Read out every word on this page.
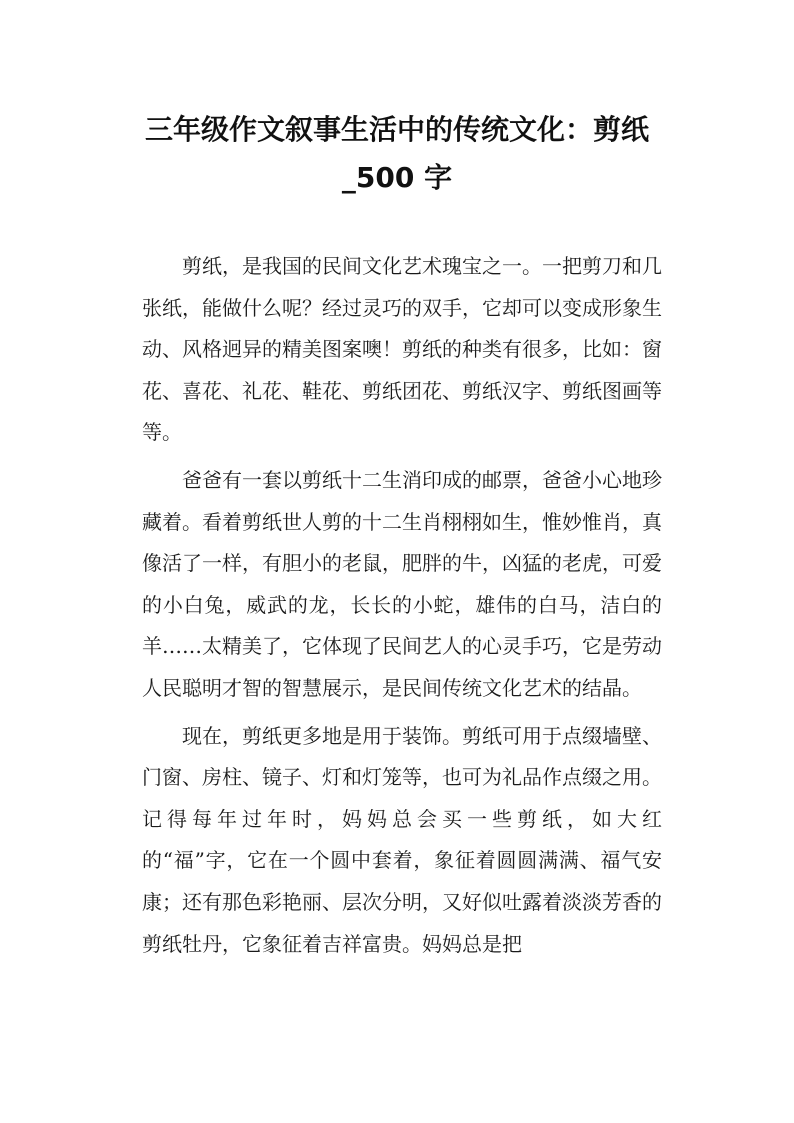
三年级作文叙事生活中的传统文化：剪纸
_500 字

剪纸，是我国的民间文化艺术瑰宝之一。一把剪刀和几张纸，能做什么呢？经过灵巧的双手，它却可以变成形象生动、风格迥异的精美图案噢！剪纸的种类有很多，比如：窗花、喜花、礼花、鞋花、剪纸团花、剪纸汉字、剪纸图画等等。

爸爸有一套以剪纸十二生消印成的邮票，爸爸小心地珍藏着。看着剪纸世人剪的十二生肖栩栩如生，惟妙惟肖，真像活了一样，有胆小的老鼠，肥胖的牛，凶猛的老虎，可爱的小白兔，威武的龙，长长的小蛇，雄伟的白马，洁白的羊……太精美了，它体现了民间艺人的心灵手巧，它是劳动人民聪明才智的智慧展示，是民间传统文化艺术的结晶。

现在，剪纸更多地是用于装饰。剪纸可用于点缀墙壁、门窗、房柱、镜子、灯和灯笼等，也可为礼品作点缀之用。记得每年过年时，妈妈总会买一些剪纸，如大红的“福”字，它在一个圆中套着，象征着圆圆满满、福气安康；还有那色彩艳丽、层次分明，又好似吐露着淡淡芳香的剪纸牡丹，它象征着吉祥富贵。妈妈总是把
